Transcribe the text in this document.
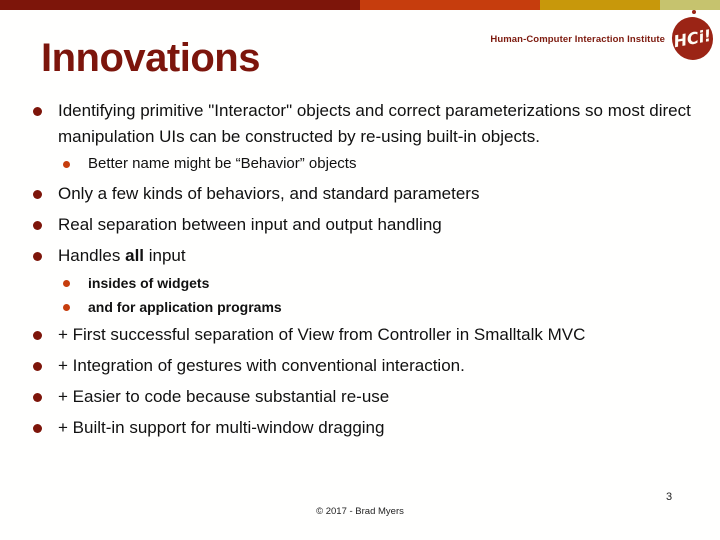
Human-Computer Interaction Institute HCi!
Innovations
Identifying primitive "Interactor" objects and correct parameterizations so most direct manipulation UIs can be constructed by re-using built-in objects.
Better name might be “Behavior” objects
Only a few kinds of behaviors, and standard parameters
Real separation between input and output handling
Handles all input
insides of widgets
and for application programs
+ First successful separation of View from Controller in Smalltalk MVC
+ Integration of gestures with conventional interaction.
+ Easier to code because substantial re-use
+ Built-in support for multi-window dragging
© 2017 - Brad Myers
3
